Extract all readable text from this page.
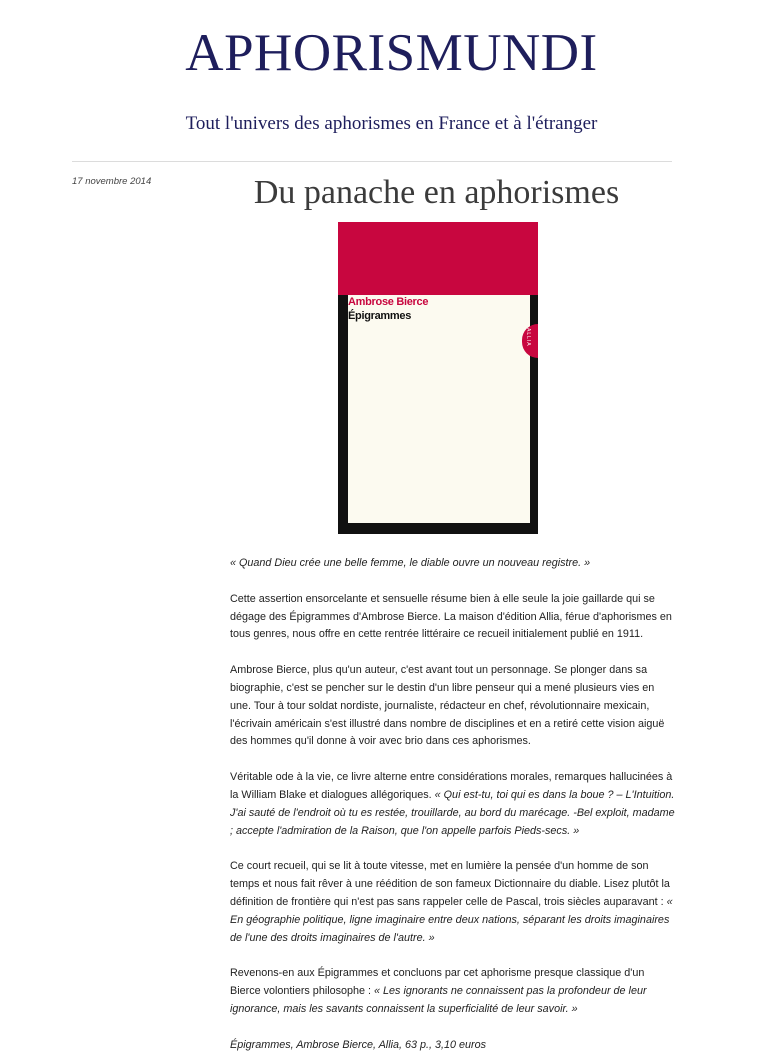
APHORISMUNDI

Tout l'univers des aphorismes en France et à l'étranger

17 novembre 2014	Du panache en aphorismes
Ambrose Bierce
Épigrammes
ALLIA

« Quand Dieu crée une belle femme, le diable ouvre un nouveau registre. »

Cette assertion ensorcelante et sensuelle résume bien à elle seule la joie gaillarde qui se dégage des Épigrammes d'Ambrose Bierce. La maison d'édition Allia, férue d'aphorismes en tous genres, nous offre en cette rentrée littéraire ce recueil initialement publié en 1911.

Ambrose Bierce, plus qu'un auteur, c'est avant tout un personnage. Se plonger dans sa biographie, c'est se pencher sur le destin d'un libre penseur qui a mené plusieurs vies en une. Tour à tour soldat nordiste, journaliste, rédacteur en chef, révolutionnaire mexicain, l'écrivain américain s'est illustré dans nombre de disciplines et en a retiré cette vision aiguë des hommes qu'il donne à voir avec brio dans ces aphorismes.

Véritable ode à la vie, ce livre alterne entre considérations morales, remarques hallucinées à la William Blake et dialogues allégoriques. « Qui est-tu, toi qui es dans la boue ? – L'Intuition. J'ai sauté de l'endroit où tu es restée, trouillarde, au bord du marécage. -Bel exploit, madame ; accepte l'admiration de la Raison, que l'on appelle parfois Pieds-secs. »

Ce court recueil, qui se lit à toute vitesse, met en lumière la pensée d'un homme de son temps et nous fait rêver à une réédition de son fameux Dictionnaire du diable. Lisez plutôt la définition de frontière qui n'est pas sans rappeler celle de Pascal, trois siècles auparavant : « En géographie politique, ligne imaginaire entre deux nations, séparant les droits imaginaires de l'une des droits imaginaires de l'autre. »

Revenons-en aux Épigrammes et concluons par cet aphorisme presque classique d'un Bierce volontiers philosophe : « Les ignorants ne connaissent pas la profondeur de leur ignorance, mais les savants connaissent la superficialité de leur savoir. »

Épigrammes, Ambrose Bierce, Allia, 63 p., 3,10 euros
